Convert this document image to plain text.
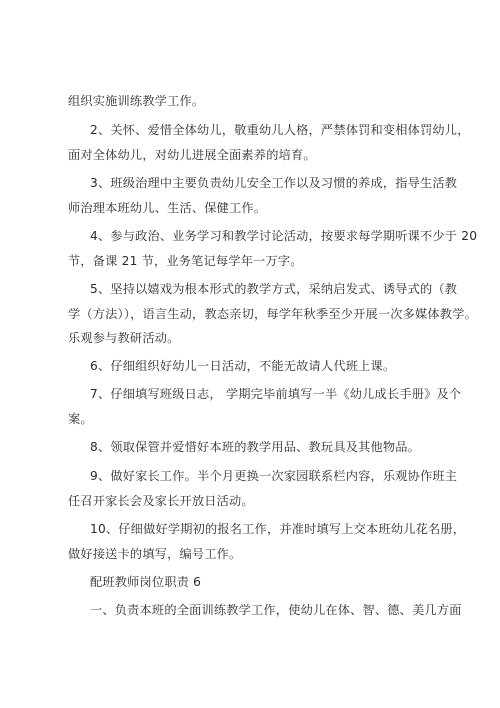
组织实施训练教学工作。
2、关怀、爱惜全体幼儿，敬重幼儿人格，严禁体罚和变相体罚幼儿，
面对全体幼儿，对幼儿进展全面素养的培育。
3、班级治理中主要负责幼儿安全工作以及习惯的养成，指导生活教
师治理本班幼儿、生活、保健工作。
4、参与政治、业务学习和教学讨论活动，按要求每学期听课不少于 20
节，备课 21 节，业务笔记每学年一万字。
5、坚持以嬉戏为根本形式的教学方式，采纳启发式、诱导式的（教
学（方法）），语言生动，教态亲切，每学年秋季至少开展一次多媒体教学。
乐观参与教研活动。
6、仔细组织好幼儿一日活动，不能无故请人代班上课。
7、仔细填写班级日志， 学期完毕前填写一半《幼儿成长手册》及个
案。
8、领取保管并爱惜好本班的教学用品、教玩具及其他物品。
9、做好家长工作。半个月更换一次家园联系栏内容，乐观协作班主
任召开家长会及家长开放日活动。
10、仔细做好学期初的报名工作，并准时填写上交本班幼儿花名册，
做好接送卡的填写，编号工作。
配班教师岗位职责 6
一、负责本班的全面训练教学工作，使幼儿在体、智、德、美几方面
